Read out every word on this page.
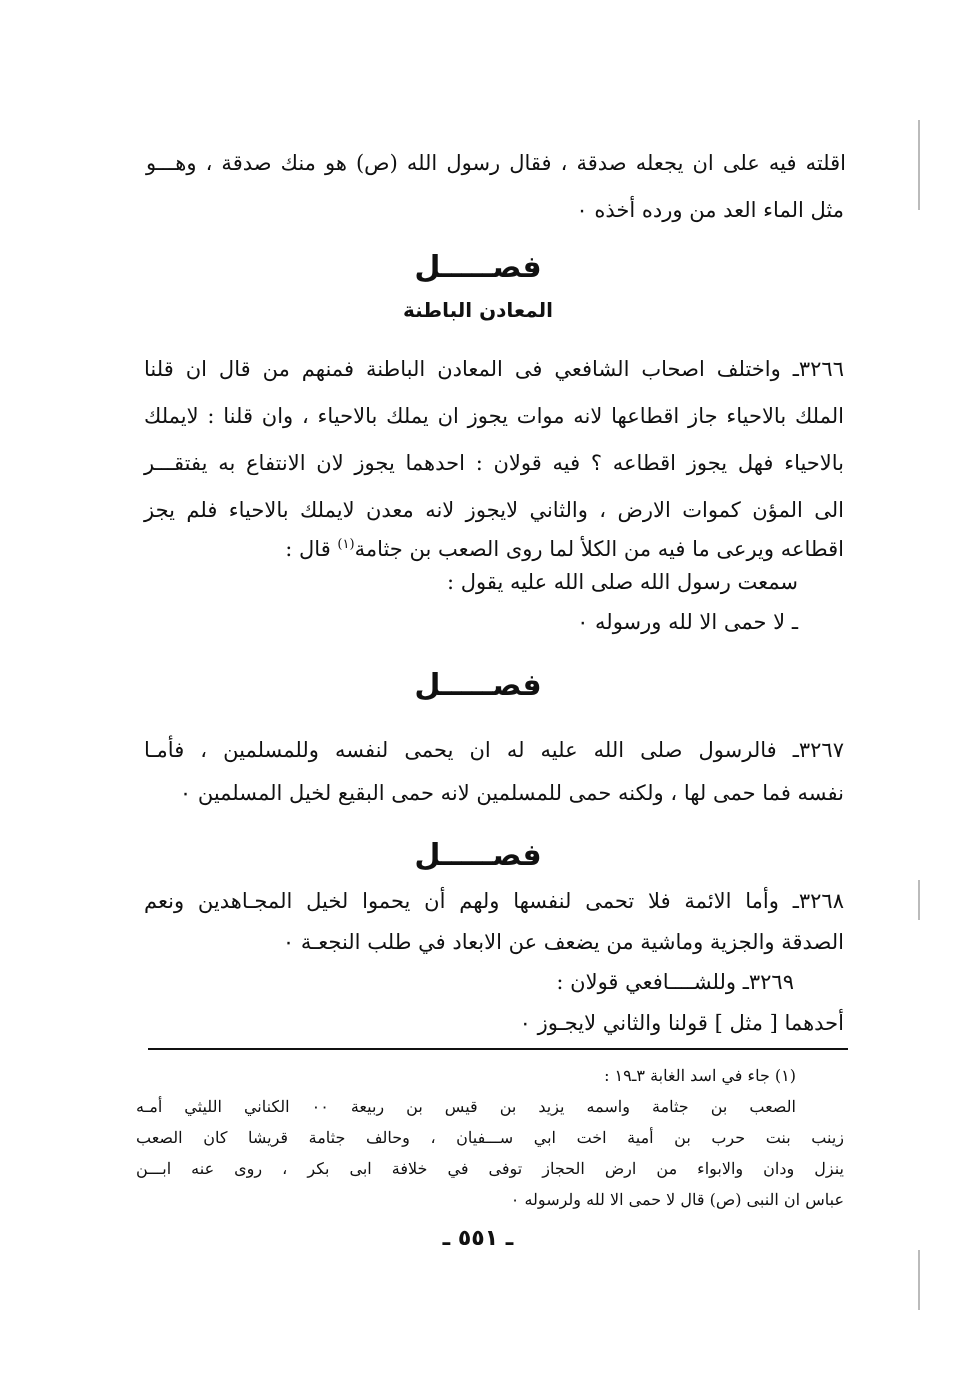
اقلته فيه على ان يجعله صدقة ، فقال رسول الله (ص) هو منك صدقة ، وهـــو
مثل الماء العد من ورده أخذه ٠
فصـــــل
المعادن الباطنة
٣٢٦٦ـ واختلف اصحاب الشافعي فى المعادن الباطنة فمنهم من قال ان قلنا
الملك بالاحياء جاز اقطاعها لانه موات يجوز ان يملك بالاحياء ، وان قلنا : لايملك
بالاحياء فهل يجوز اقطاعه ؟ فيه قولان : احدهما يجوز لان الانتفاع به يفتقـــر
الى المؤن كموات الارض ، والثاني لايجوز لانه معدن لايملك بالاحياء فلم يجز
اقطاعه ويرعى ما فيه من الكلأ لما روى الصعب بن جثامة$^{(١)}$ قال :
سمعت رسول الله صلى الله عليه يقول :
ـ لا حمى الا لله ورسوله ٠
فصـــــل
٣٢٦٧ـ فالرسول صلى الله عليه له ان يحمى لنفسه وللمسلمين ، فأمـا
نفسه فما حمى لها ، ولكنه حمى للمسلمين لانه حمى البقيع لخيل المسلمين ٠
فصـــــل
٣٢٦٨ـ وأما الائمة فلا تحمى لنفسها ولهم أن يحموا لخيل المجـاهدين ونعم
الصدقة والجزية وماشية من يضعف عن الابعاد في طلب النجعـة ٠
٣٢٦٩ـ وللشــــافعي قولان :
أحدهما [ مثل ] قولنا والثاني لايجـوز ٠
(١) جاء في اسد الغابة ٣ـ١٩ :
الصعب بن جثامة واسمه يزيد بن قيس بن ربيعة ٠٠ الكناني الليثي أمـه
زينب بنت حرب بن أمية اخت ابي ســـفيان ، وحالف جثامة قريشا كان الصعب
ينزل ودان والابواء من ارض الحجاز توفى في خلافة ابى بكر ، روى عنه ابـــن
عباس ان النبى (ص) قال لا حمى الا لله ولرسوله ٠
ـ ٥٥١ ـ
